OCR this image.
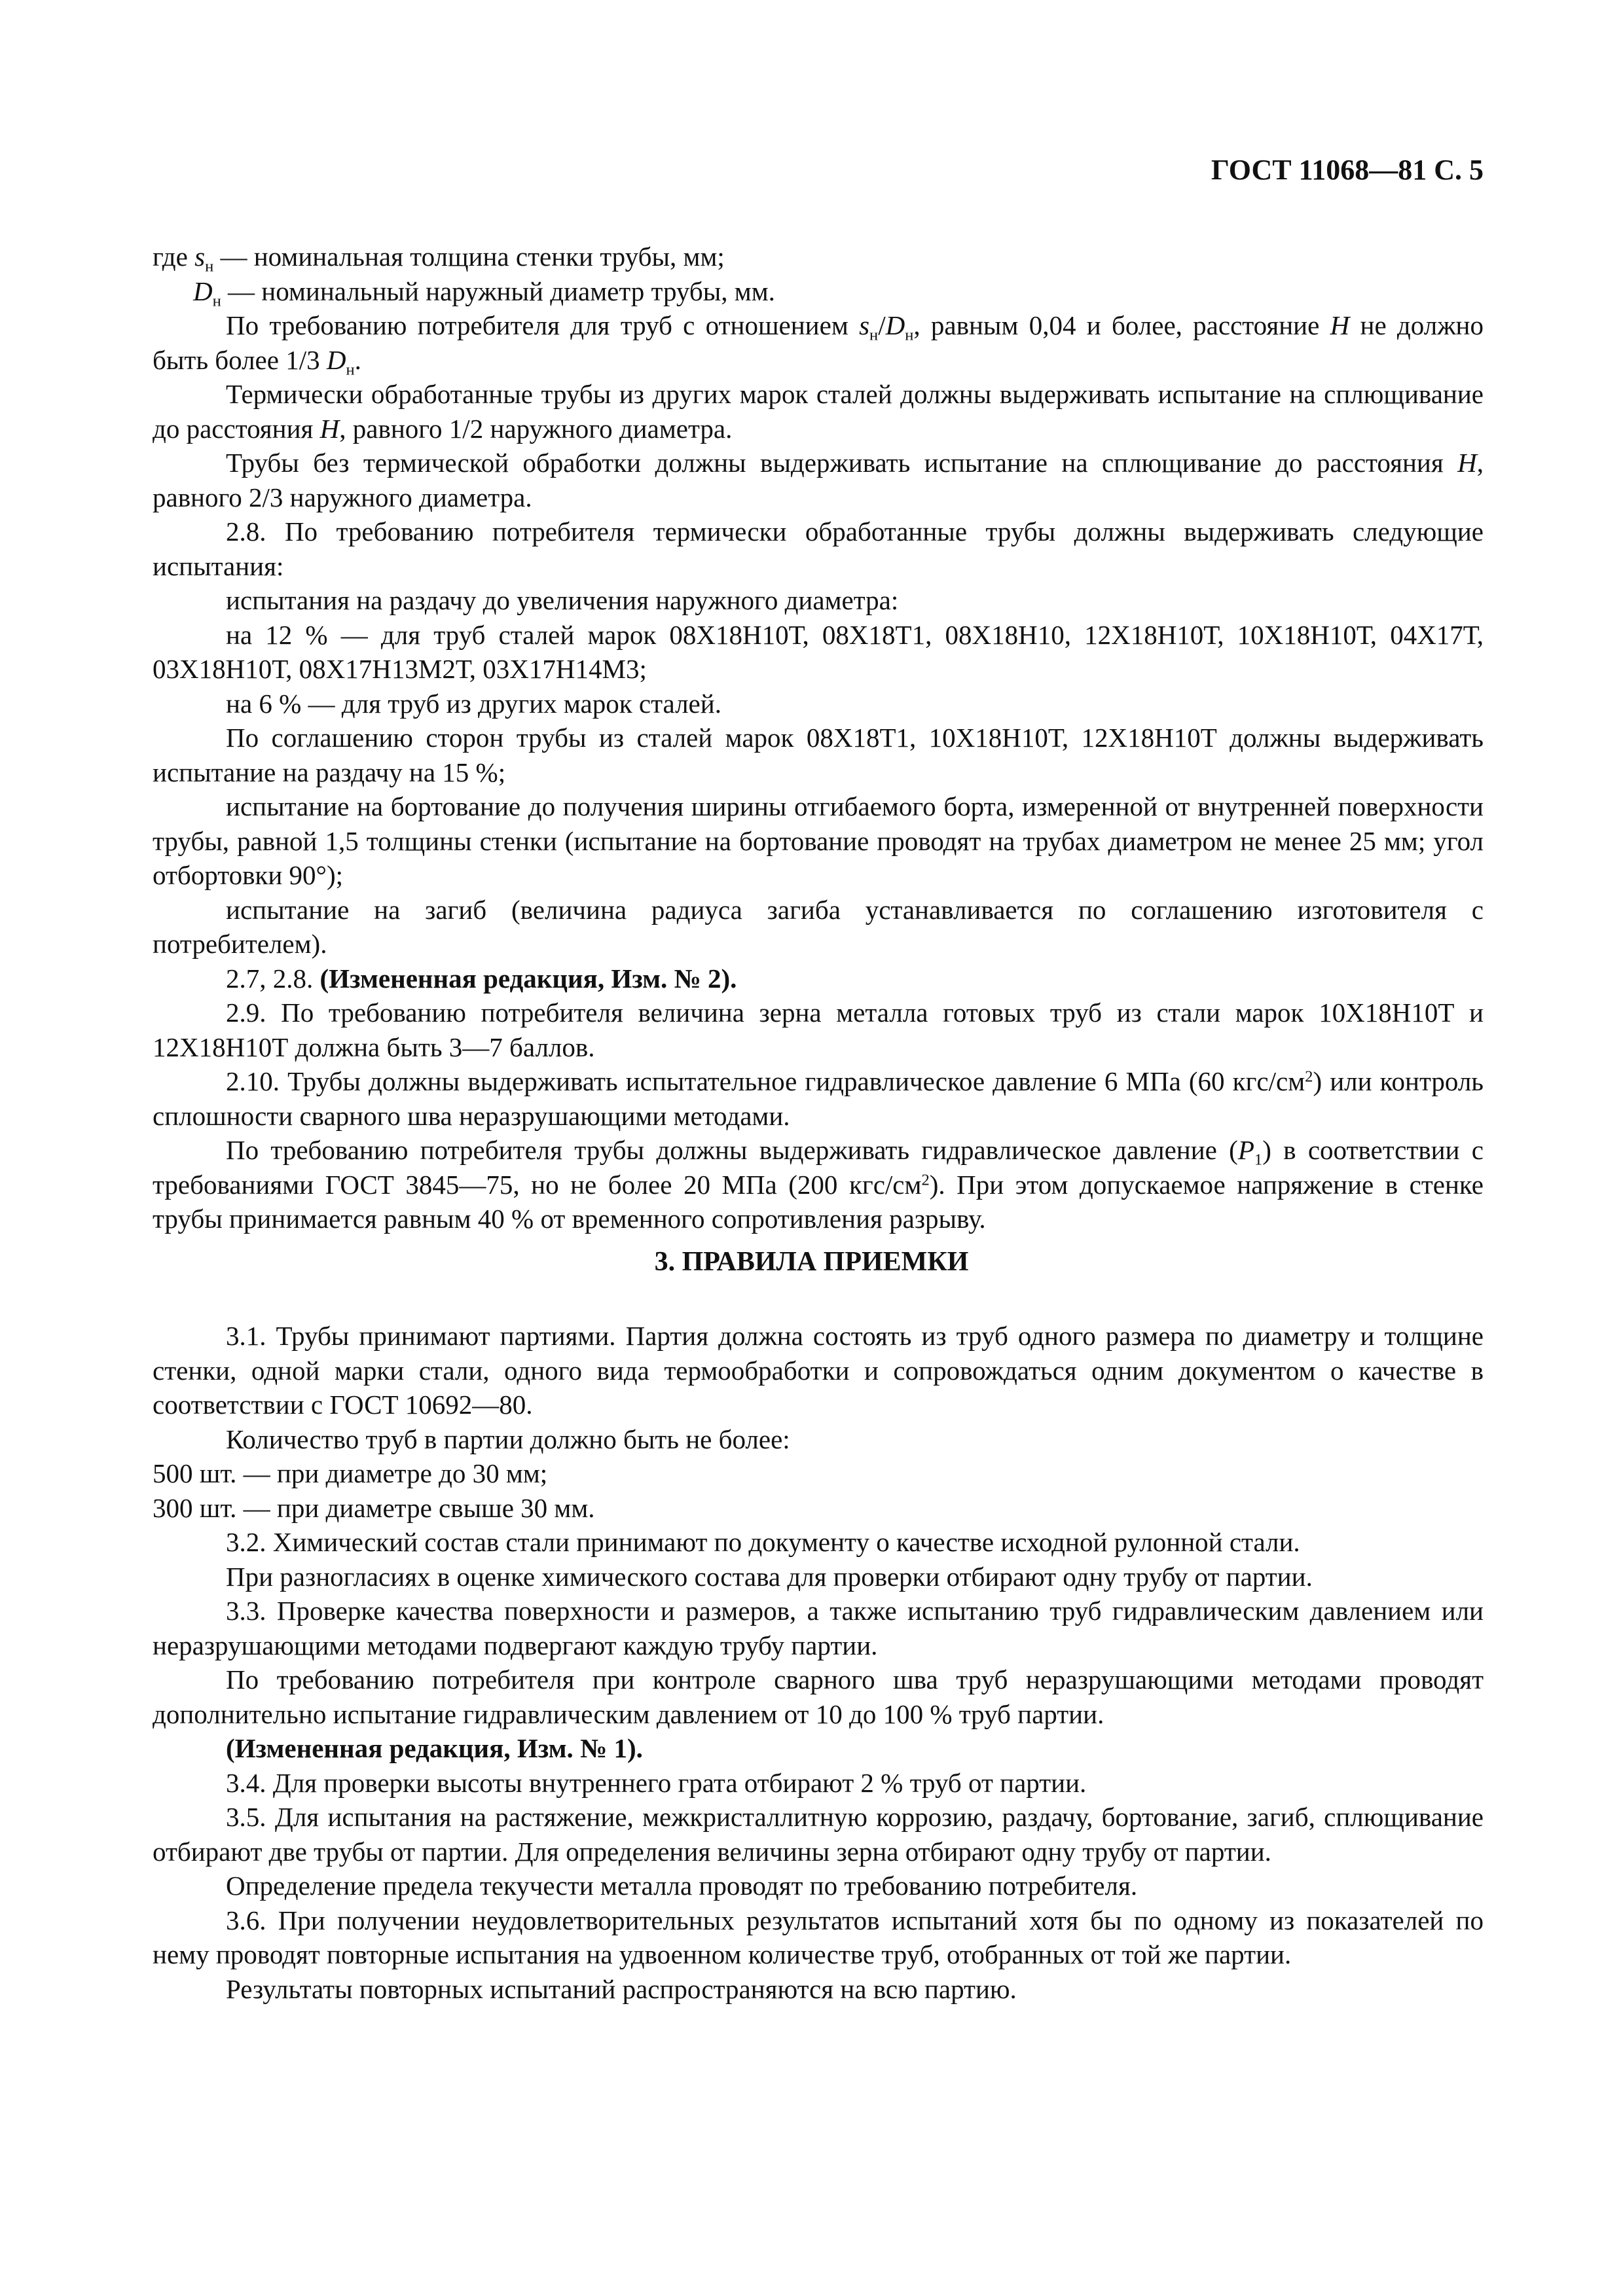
ГОСТ 11068—81 С. 5

где $s_н$ — номинальная толщина стенки трубы, мм;

$D_н$ — номинальный наружный диаметр трубы, мм.

По требованию потребителя для труб с отношением $s_н/D_н$, равным 0,04 и более, расстояние H не должно быть более 1/3 $D_н$.

Термически обработанные трубы из других марок сталей должны выдерживать испытание на сплющивание до расстояния H, равного 1/2 наружного диаметра.

Трубы без термической обработки должны выдерживать испытание на сплющивание до расстояния H, равного 2/3 наружного диаметра.

2.8. По требованию потребителя термически обработанные трубы должны выдерживать следующие испытания:

испытания на раздачу до увеличения наружного диаметра:

на 12 % — для труб сталей марок 08Х18Н10Т, 08Х18Т1, 08Х18Н10, 12Х18Н10Т, 10Х18Н10Т, 04Х17Т, 03Х18Н10Т, 08Х17Н13М2Т, 03Х17Н14М3;

на 6 % — для труб из других марок сталей.

По соглашению сторон трубы из сталей марок 08Х18Т1, 10Х18Н10Т, 12Х18Н10Т должны выдерживать испытание на раздачу на 15 %;

испытание на бортование до получения ширины отгибаемого борта, измеренной от внутренней поверхности трубы, равной 1,5 толщины стенки (испытание на бортование проводят на трубах диаметром не менее 25 мм; угол отбортовки 90°);

испытание на загиб (величина радиуса загиба устанавливается по соглашению изготовителя с потребителем).

2.7, 2.8. (Измененная редакция, Изм. № 2).

2.9. По требованию потребителя величина зерна металла готовых труб из стали марок 10Х18Н10Т и 12Х18Н10Т должна быть 3—7 баллов.

2.10. Трубы должны выдерживать испытательное гидравлическое давление 6 МПа (60 кгс/$см^2$) или контроль сплошности сварного шва неразрушающими методами.

По требованию потребителя трубы должны выдерживать гидравлическое давление $(P_1)$ в соответствии с требованиями ГОСТ 3845—75, но не более 20 МПа (200 кгс/$см^2$). При этом допускаемое напряжение в стенке трубы принимается равным 40 % от временного сопротивления разрыву.

3. ПРАВИЛА ПРИЕМКИ

3.1. Трубы принимают партиями. Партия должна состоять из труб одного размера по диаметру и толщине стенки, одной марки стали, одного вида термообработки и сопровождаться одним документом о качестве в соответствии с ГОСТ 10692—80.

Количество труб в партии должно быть не более:

500 шт. — при диаметре до 30 мм;

300 шт. — при диаметре свыше 30 мм.

3.2. Химический состав стали принимают по документу о качестве исходной рулонной стали.

При разногласиях в оценке химического состава для проверки отбирают одну трубу от партии.

3.3. Проверке качества поверхности и размеров, а также испытанию труб гидравлическим давлением или неразрушающими методами подвергают каждую трубу партии.

По требованию потребителя при контроле сварного шва труб неразрушающими методами проводят дополнительно испытание гидравлическим давлением от 10 до 100 % труб партии.

(Измененная редакция, Изм. № 1).

3.4. Для проверки высоты внутреннего грата отбирают 2 % труб от партии.

3.5. Для испытания на растяжение, межкристаллитную коррозию, раздачу, бортование, загиб, сплющивание отбирают две трубы от партии. Для определения величины зерна отбирают одну трубу от партии.

Определение предела текучести металла проводят по требованию потребителя.

3.6. При получении неудовлетворительных результатов испытаний хотя бы по одному из показателей по нему проводят повторные испытания на удвоенном количестве труб, отобранных от той же партии.

Результаты повторных испытаний распространяются на всю партию.
